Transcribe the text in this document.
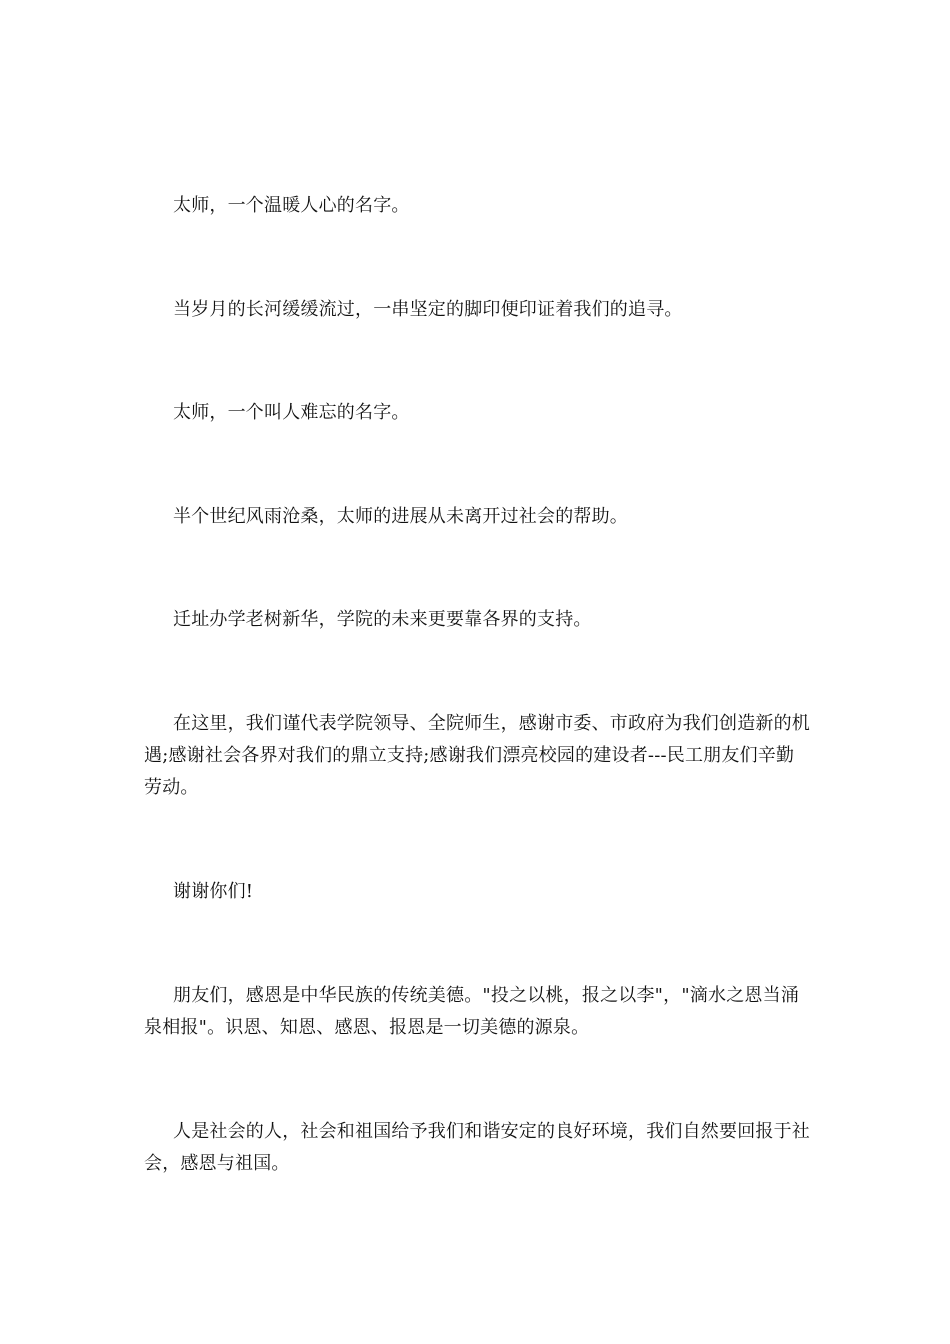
太师，一个温暖人心的名字。

当岁月的长河缓缓流过，一串坚定的脚印便印证着我们的追寻。

太师，一个叫人难忘的名字。

半个世纪风雨沧桑，太师的进展从未离开过社会的帮助。

迁址办学老树新华，学院的未来更要靠各界的支持。

在这里，我们谨代表学院领导、全院师生，感谢市委、市政府为我们创造新的机遇;感谢社会各界对我们的鼎立支持;感谢我们漂亮校园的建设者---民工朋友们辛勤劳动。

谢谢你们!

朋友们，感恩是中华民族的传统美德。"投之以桃，报之以李"，"滴水之恩当涌泉相报"。识恩、知恩、感恩、报恩是一切美德的源泉。

人是社会的人，社会和祖国给予我们和谐安定的良好环境，我们自然要回报于社会，感恩与祖国。
